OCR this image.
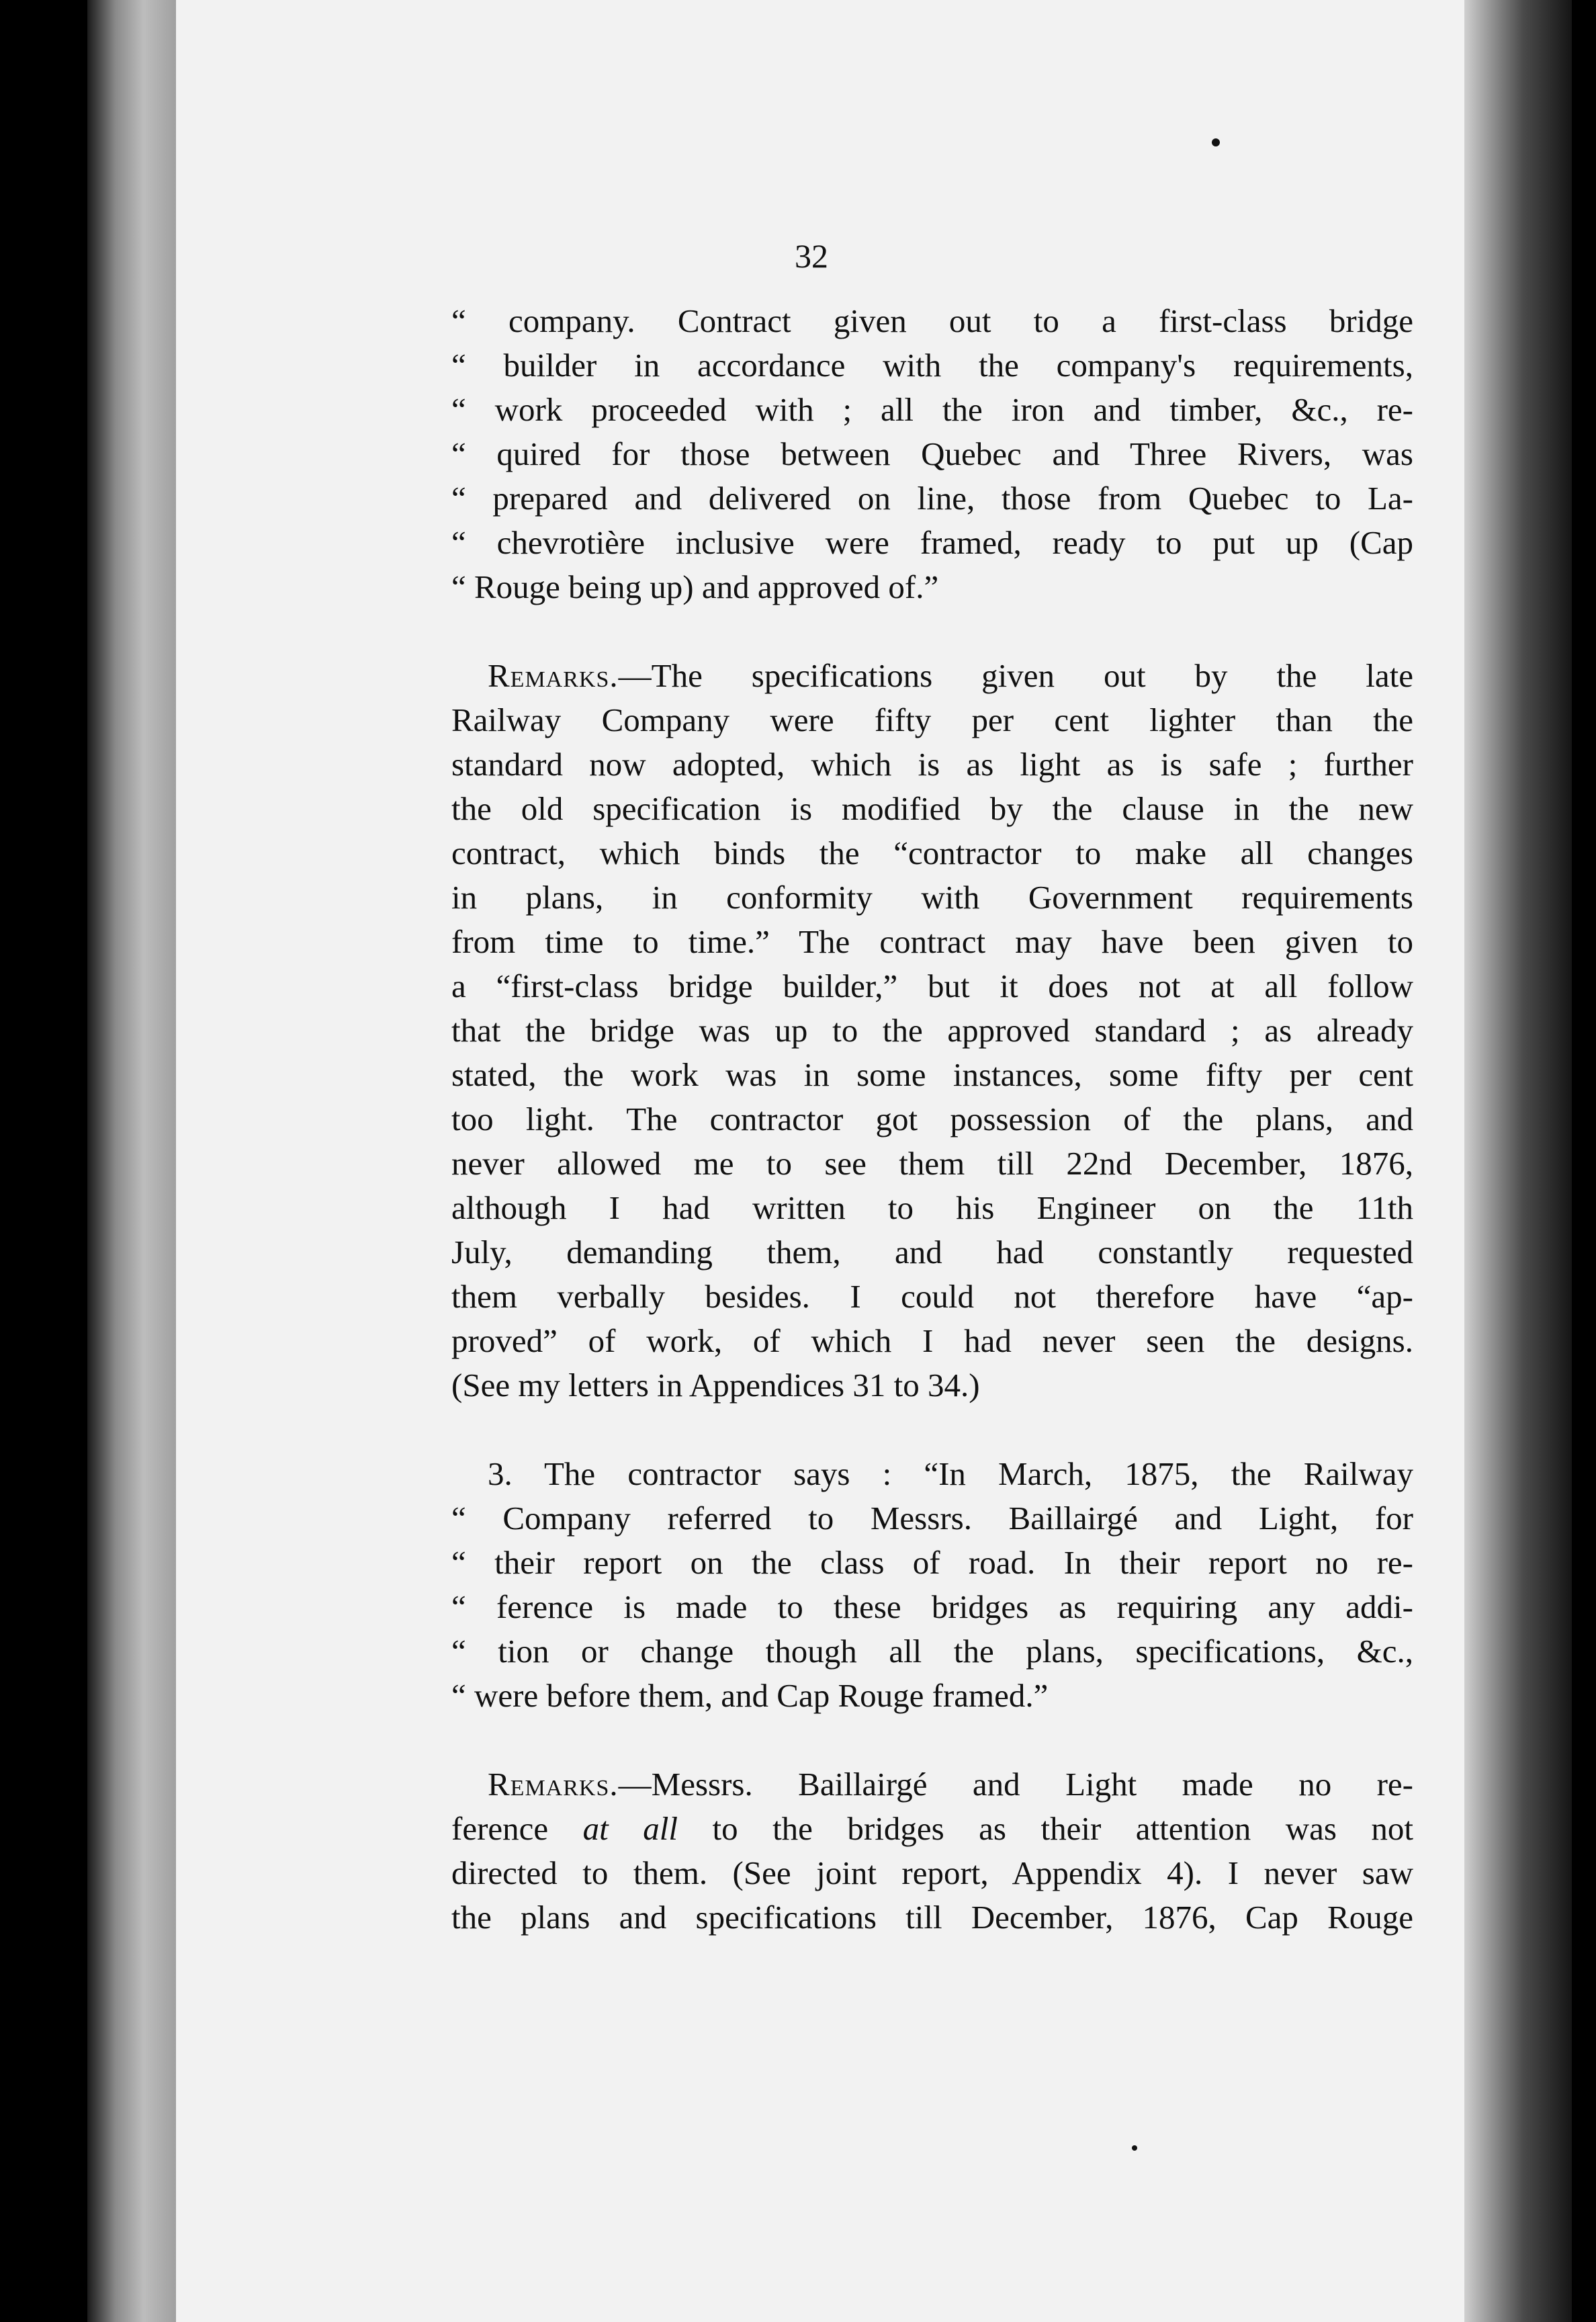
32

“ company. Contract given out to a first-class bridge
“ builder in accordance with the company's requirements,
“ work proceeded with ; all the iron and timber, &c., re-
“ quired for those between Quebec and Three Rivers, was
“ prepared and delivered on line, those from Quebec to La-
“ chevrotière inclusive were framed, ready to put up (Cap
“ Rouge being up) and approved of.”

Remarks.—The specifications given out by the late
Railway Company were fifty per cent lighter than the
standard now adopted, which is as light as is safe ; further
the old specification is modified by the clause in the new
contract, which binds the “contractor to make all changes
in plans, in conformity with Government requirements
from time to time.” The contract may have been given to
a “first-class bridge builder,” but it does not at all follow
that the bridge was up to the approved standard ; as already
stated, the work was in some instances, some fifty per cent
too light. The contractor got possession of the plans, and
never allowed me to see them till 22nd December, 1876,
although I had written to his Engineer on the 11th
July, demanding them, and had constantly requested
them verbally besides. I could not therefore have “ap-
proved” of work, of which I had never seen the designs.
(See my letters in Appendices 31 to 34.)

3. The contractor says : “In March, 1875, the Railway
“ Company referred to Messrs. Baillairgé and Light, for
“ their report on the class of road. In their report no re-
“ ference is made to these bridges as requiring any addi-
“ tion or change though all the plans, specifications, &c.,
“ were before them, and Cap Rouge framed.”

Remarks.—Messrs. Baillairgé and Light made no re-
ference at all to the bridges as their attention was not
directed to them. (See joint report, Appendix 4). I never saw
the plans and specifications till December, 1876, Cap Rouge
